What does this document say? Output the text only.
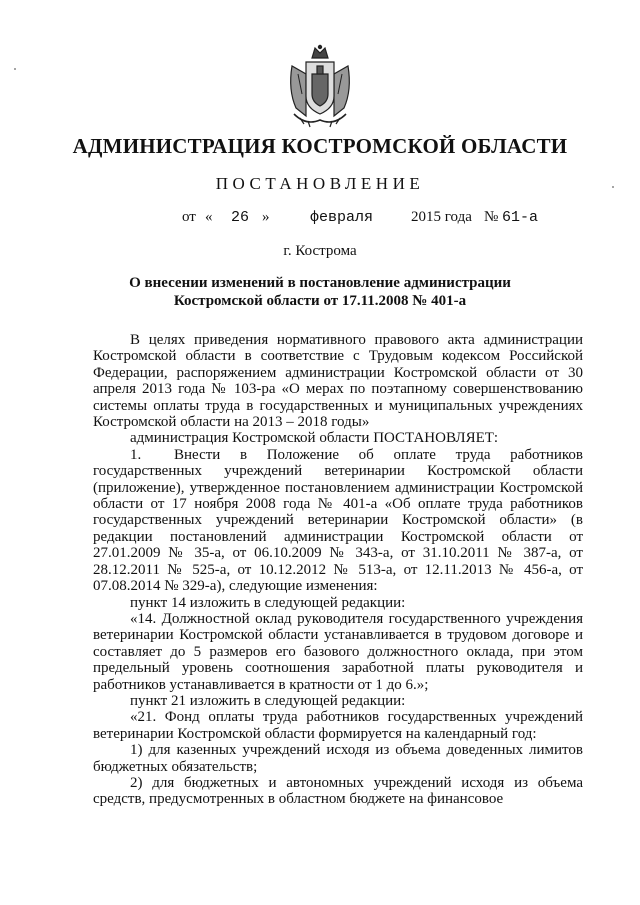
АДМИНИСТРАЦИЯ КОСТРОМСКОЙ ОБЛАСТИ
ПОСТАНОВЛЕНИЕ
от « 26 »	февраля	2015 года № 61-а
г. Кострома
О внесении изменений в постановление администрации
Костромской области от 17.11.2008 № 401-а

В целях приведения нормативного правового акта администрации Костромской области в соответствие с Трудовым кодексом Российской Федерации, распоряжением администрации Костромской области от 30 апреля 2013 года № 103-ра «О мерах по поэтапному совершенствованию системы оплаты труда в государственных и муниципальных учреждениях Костромской области на 2013 – 2018 годы»

администрация Костромской области ПОСТАНОВЛЯЕТ:

1. Внести в Положение об оплате труда работников государственных учреждений ветеринарии Костромской области (приложение), утвержденное постановлением администрации Костромской области от 17 ноября 2008 года № 401-а «Об оплате труда работников государственных учреждений ветеринарии Костромской области» (в редакции постановлений администрации Костромской области от 27.01.2009 № 35-а, от 06.10.2009 № 343-а, от 31.10.2011 № 387-а, от 28.12.2011 № 525-а, от 10.12.2012 № 513-а, от 12.11.2013 № 456-а, от 07.08.2014 № 329-а), следующие изменения:

пункт 14 изложить в следующей редакции:

«14. Должностной оклад руководителя государственного учреждения ветеринарии Костромской области устанавливается в трудовом договоре и составляет до 5 размеров его базового должностного оклада, при этом предельный уровень соотношения заработной платы руководителя и работников устанавливается в кратности от 1 до 6.»;

пункт 21 изложить в следующей редакции:

«21. Фонд оплаты труда работников государственных учреждений ветеринарии Костромской области формируется на календарный год:

1) для казенных учреждений исходя из объема доведенных лимитов бюджетных обязательств;

2) для бюджетных и автономных учреждений исходя из объема средств, предусмотренных в областном бюджете на финансовое
